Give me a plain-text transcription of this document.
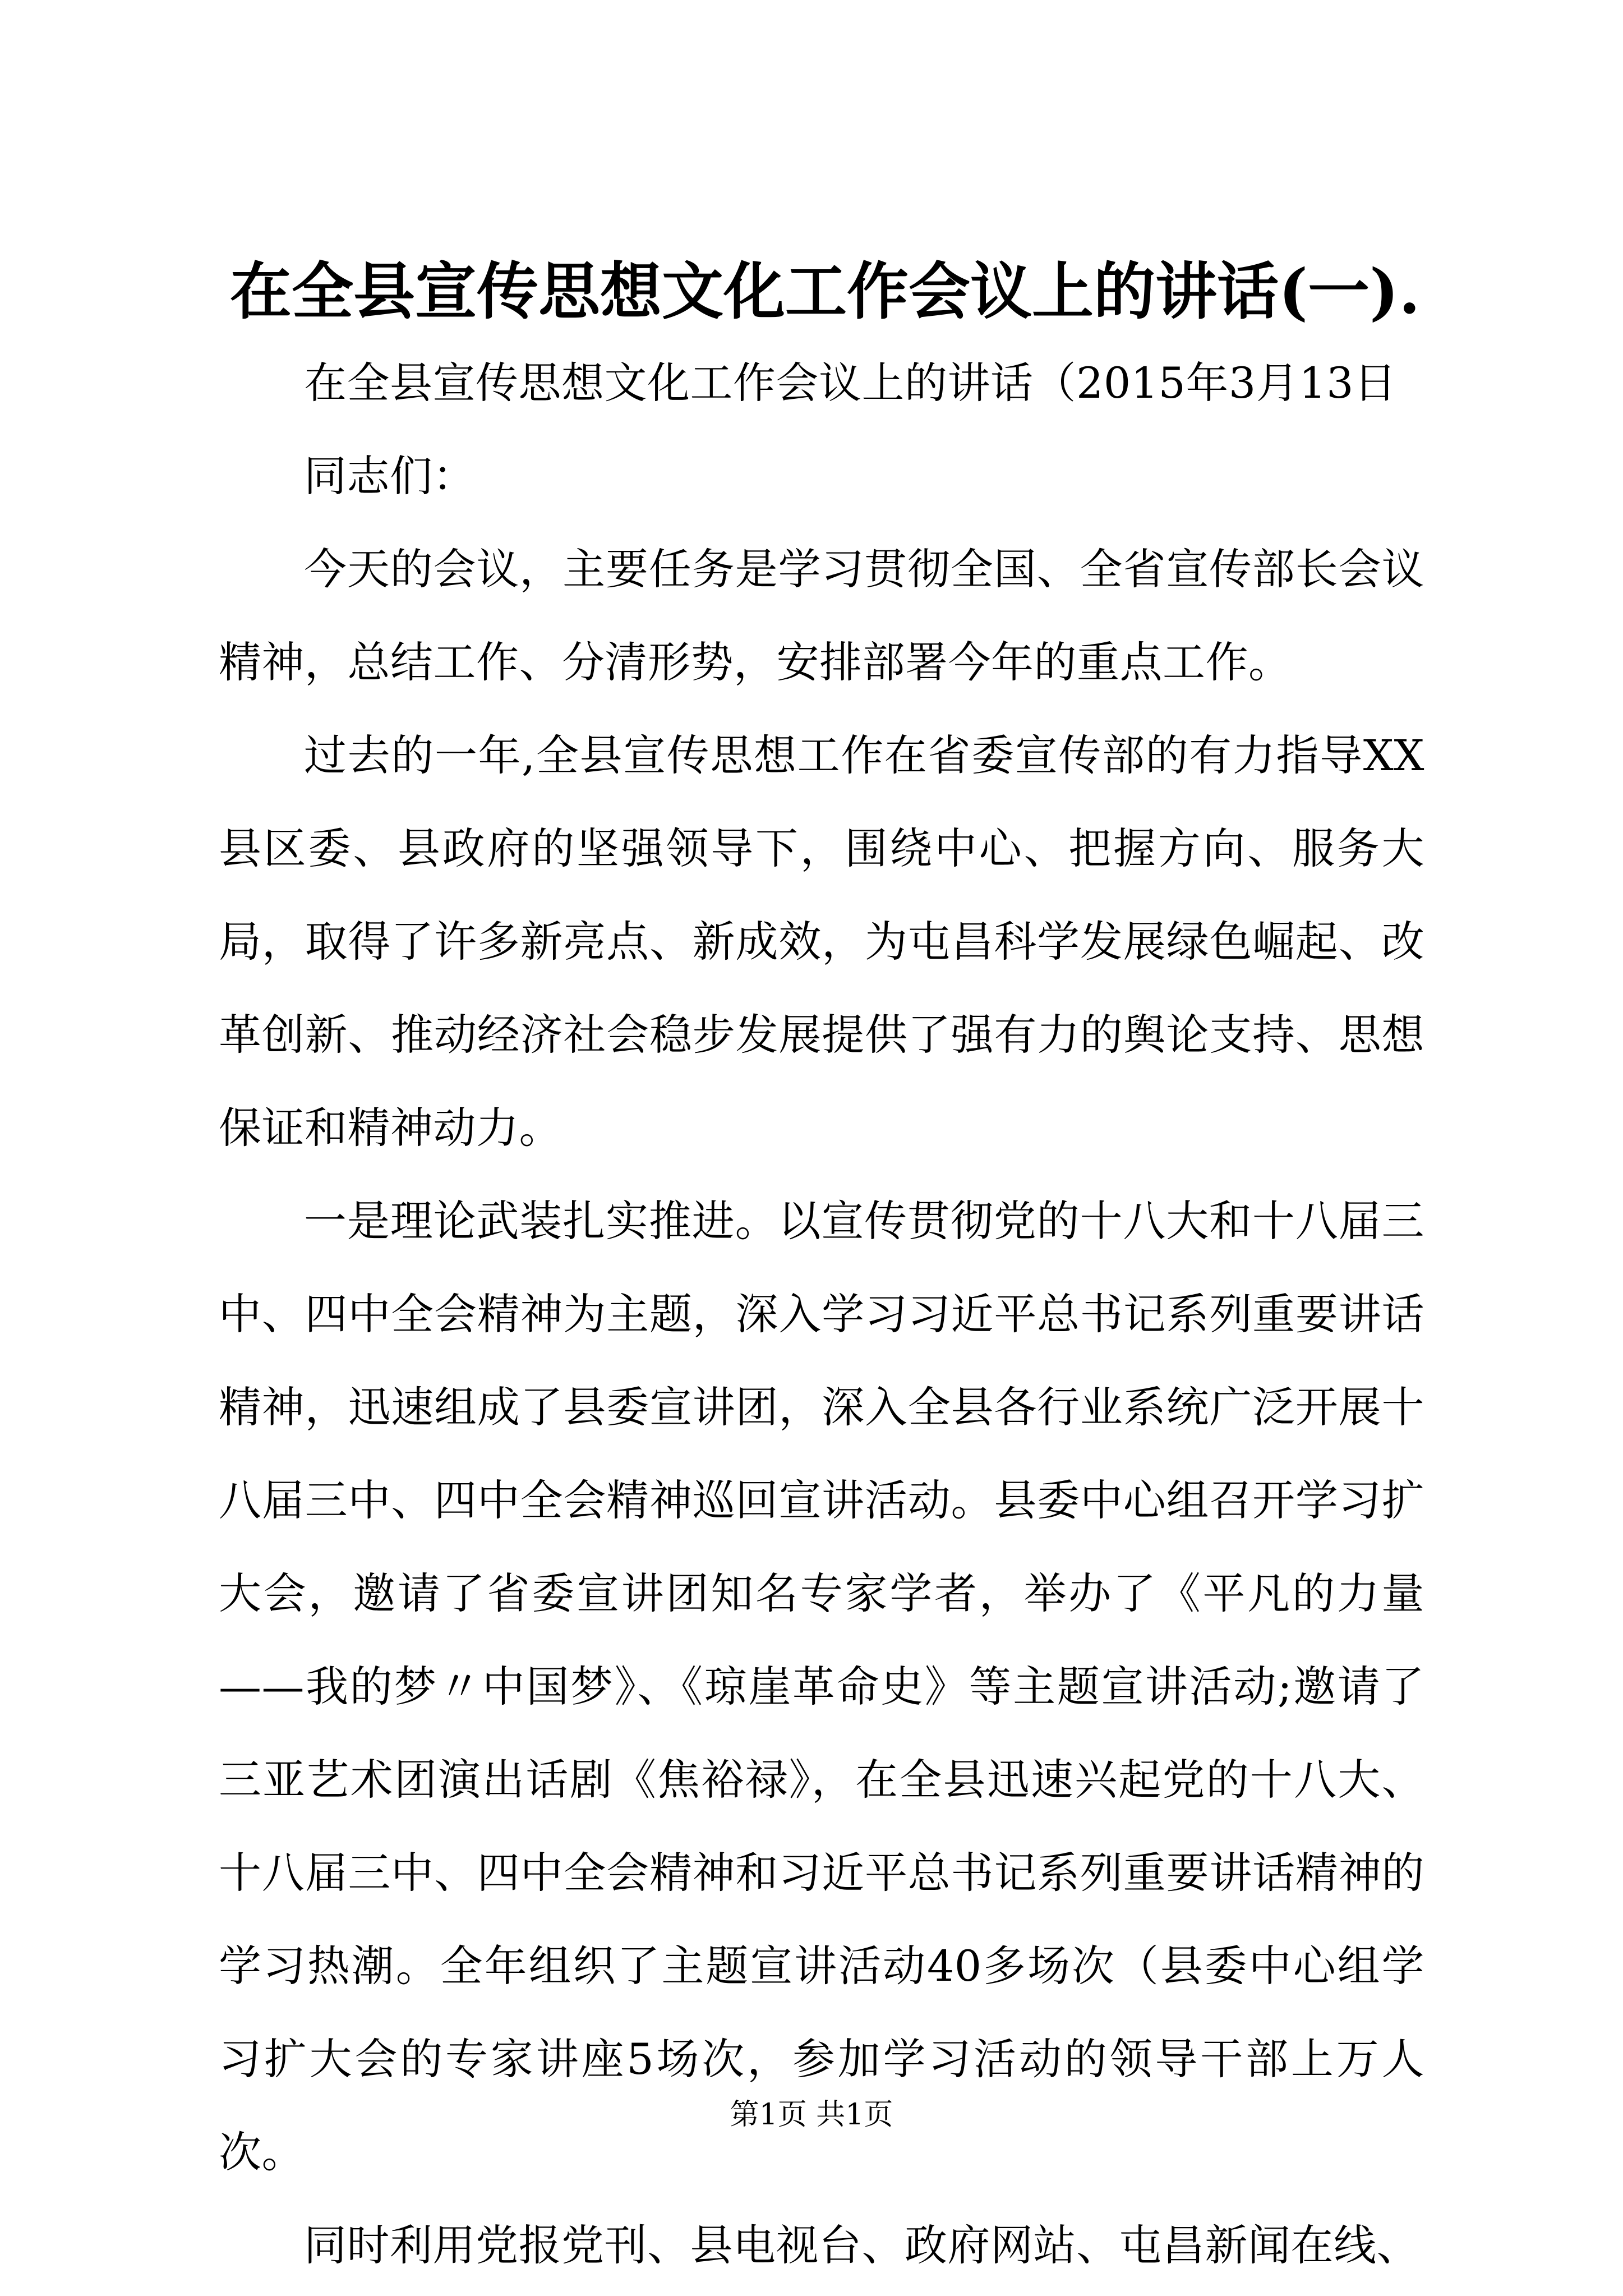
在全县宣传思想文化工作会议上的讲话(一).

在全县宣传思想文化工作会议上的讲话（2015年3月13日

同志们：

今天的会议，主要任务是学习贯彻全国、全省宣传部长会议精神，总结工作、分清形势，安排部署今年的重点工作。

过去的一年,全县宣传思想工作在省委宣传部的有力指导XX县区委、县政府的坚强领导下，围绕中心、把握方向、服务大局，取得了许多新亮点、新成效，为屯昌科学发展绿色崛起、改革创新、推动经济社会稳步发展提供了强有力的舆论支持、思想保证和精神动力。

一是理论武装扎实推进。以宣传贯彻党的十八大和十八届三中、四中全会精神为主题，深入学习习近平总书记系列重要讲话精神，迅速组成了县委宣讲团，深入全县各行业系统广泛开展十八届三中、四中全会精神巡回宣讲活动。县委中心组召开学习扩大会，邀请了省委宣讲团知名专家学者，举办了《平凡的力量——我的梦〃中国梦》、《琼崖革命史》等主题宣讲活动;邀请了三亚艺术团演出话剧《焦裕禄》，在全县迅速兴起党的十八大、十八届三中、四中全会精神和习近平总书记系列重要讲话精神的学习热潮。全年组织了主题宣讲活动40多场次（县委中心组学习扩大会的专家讲座5场次，参加学习活动的领导干部上万人次。

同时利用党报党刊、县电视台、政府网站、屯昌新闻在线、

第1页 共1页
